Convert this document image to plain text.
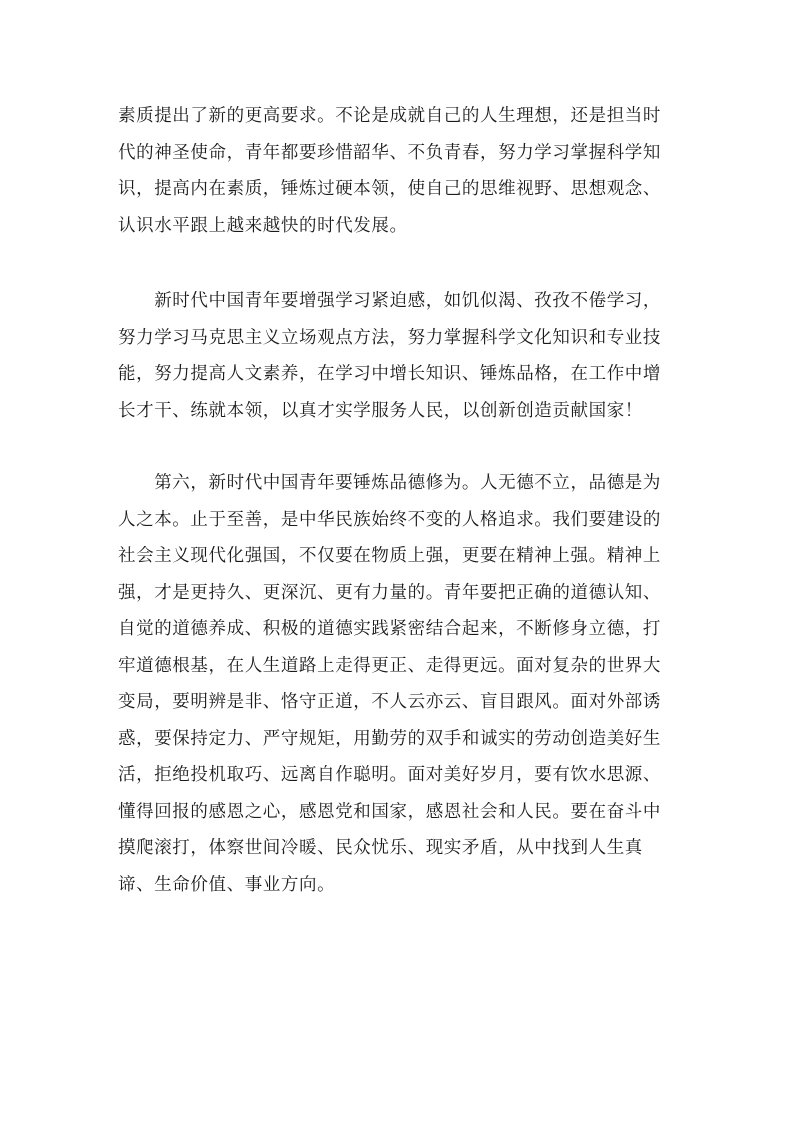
素质提出了新的更高要求。不论是成就自己的人生理想，还是担当时
代的神圣使命，青年都要珍惜韶华、不负青春，努力学习掌握科学知
识，提高内在素质，锤炼过硬本领，使自己的思维视野、思想观念、
认识水平跟上越来越快的时代发展。
　　新时代中国青年要增强学习紧迫感，如饥似渴、孜孜不倦学习，
努力学习马克思主义立场观点方法，努力掌握科学文化知识和专业技
能，努力提高人文素养，在学习中增长知识、锤炼品格，在工作中增
长才干、练就本领，以真才实学服务人民，以创新创造贡献国家！
　　第六，新时代中国青年要锤炼品德修为。人无德不立，品德是为
人之本。止于至善，是中华民族始终不变的人格追求。我们要建设的
社会主义现代化强国，不仅要在物质上强，更要在精神上强。精神上
强，才是更持久、更深沉、更有力量的。青年要把正确的道德认知、
自觉的道德养成、积极的道德实践紧密结合起来，不断修身立德，打
牢道德根基，在人生道路上走得更正、走得更远。面对复杂的世界大
变局，要明辨是非、恪守正道，不人云亦云、盲目跟风。面对外部诱
惑，要保持定力、严守规矩，用勤劳的双手和诚实的劳动创造美好生
活，拒绝投机取巧、远离自作聪明。面对美好岁月，要有饮水思源、
懂得回报的感恩之心，感恩党和国家，感恩社会和人民。要在奋斗中
摸爬滚打，体察世间冷暖、民众忧乐、现实矛盾，从中找到人生真
谛、生命价值、事业方向。
